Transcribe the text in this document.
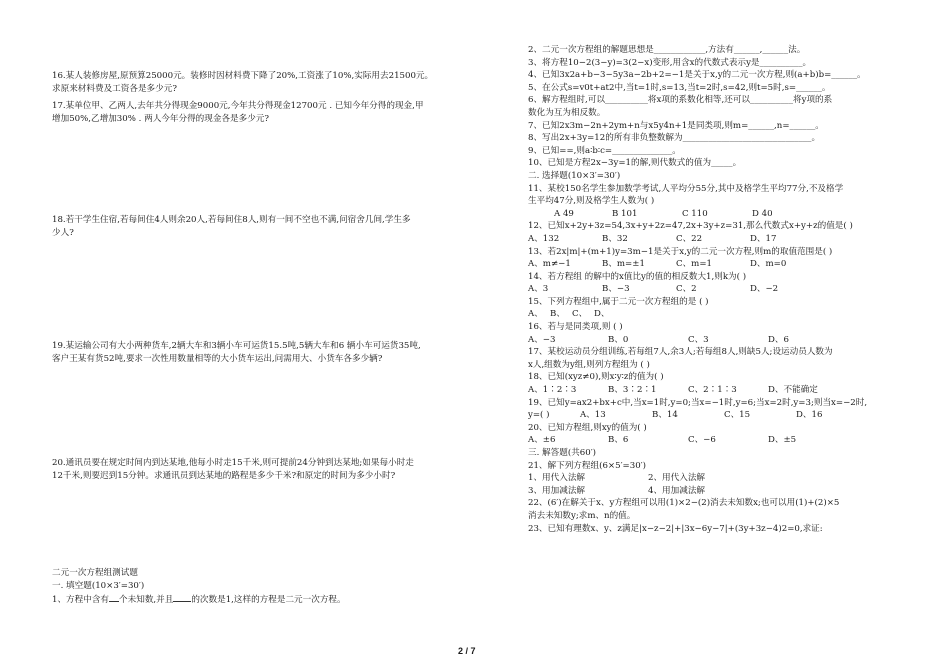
16.某人装修房屋,原预算25000元。装修时因材料费下降了20%,工资涨了10%,实际用去21500元。

求原来材料费及工资各是多少元?

17.某单位甲、乙两人,去年共分得现金9000元,今年共分得现金12700元 . 已知今年分得的现金,甲

增加50%,乙增加30% . 两人今年分得的现金各是多少元?

18.若干学生住宿,若每间住4人则余20人,若每间住8人,则有一间不空也不满,问宿舍几间,学生多

少人?

19.某运输公司有大小两种货车,2辆大车和3辆小车可运货15.5吨,5辆大车和6 辆小车可运货35吨,

客户王某有货52吨,要求一次性用数量相等的大小货车运出,问需用大、小货车各多少辆?

20.通讯员要在规定时间内到达某地,他每小时走15千米,则可提前24分钟到达某地;如果每小时走

12千米,则要迟到15分钟。求通讯员到达某地的路程是多少千米?和原定的时间为多少小时?

二元一次方程组测试题

一. 填空题(10×3′=30′)

1、方程中含有 个未知数,并且 的次数是1,这样的方程是二元一次方程。

2、二元一次方程组的解题思想是____________,方法有______,______法。

3、将方程10−2(3−y)=3(2−x)变形,用含x的代数式表示y是__________。

4、已知3x2a+b−3−5y3a−2b+2=−1是关于x,y的二元一次方程,则(a+b)b=______。

5、在公式s=v0t+at2中,当t=1时,s=13,当t=2时,s=42,则t=5时,s=______。

6、解方程组时,可以__________将x项的系数化相等,还可以__________将y项的系

数化为互为相反数。

7、已知2x3m−2n+2ym+n与x5y4n+1是同类项,则m=______,n=______。

8、写出2x+3y=12的所有非负整数解为______________________________。

9、已知==,则a∶b∶c=______________。

10、已知是方程2x−3y=1的解,则代数式的值为_____。

二. 选择题(10×3′=30′)

11、某校150名学生参加数学考试,人平均分55分,其中及格学生平均77分,不及格学

生平均47分,则及格学生人数为( )

A 49	B 101	C 110	D 40

12、已知x+2y+3z=54,3x+y+2z=47,2x+3y+z=31,那么代数式x+y+z的值是( )

A、132	B、32	C、22	D、17

13、若2x|m|+(m+1)y=3m−1是关于x,y的二元一次方程,则m的取值范围是( )

A、m≠−1	B、m=±1	C、m=1	D、m=0

14、若方程组 的解中的x值比y的值的相反数大1,则k为( )

A、3	B、−3	C、2	D、−2

15、下列方程组中,属于二元一次方程组的是 ( )

A、 B、 C、 D、

16、若与是同类项,则 ( )

A、−3	B、0	C、3	D、6

17、某校运动员分组训练,若每组7人,余3人;若每组8人,则缺5人;设运动员人数为

x人,组数为y组,则列方程组为 ( )

18、已知(xyz≠0),则x∶y∶z的值为( )

A、1∶2∶3	B、3∶2∶1	C、2∶1∶3	D、不能确定

19、已知y=ax2+bx+c中,当x=1时,y=0;当x=−1时,y=6;当x=2时,y=3;则当x=−2时,

y=( )	A、13	B、14	C、15	D、16

20、已知方程组,则xy的值为( )

A、±6	B、6	C、−6	D、±5

三. 解答题(共60′)

21、解下列方程组(6×5′=30′)

1、用代入法解	2、用代入法解

3、用加减法解	4、用加减法解

22、(6′)在解关于x、y方程组可以用(1)×2−(2)消去未知数x;也可以用(1)+(2)×5

消去未知数y;求m、n的值。

23、已知有理数x、y、z满足|x−z−2|+|3x−6y−7|+(3y+3z−4)2=0,求证:

2 / 7
